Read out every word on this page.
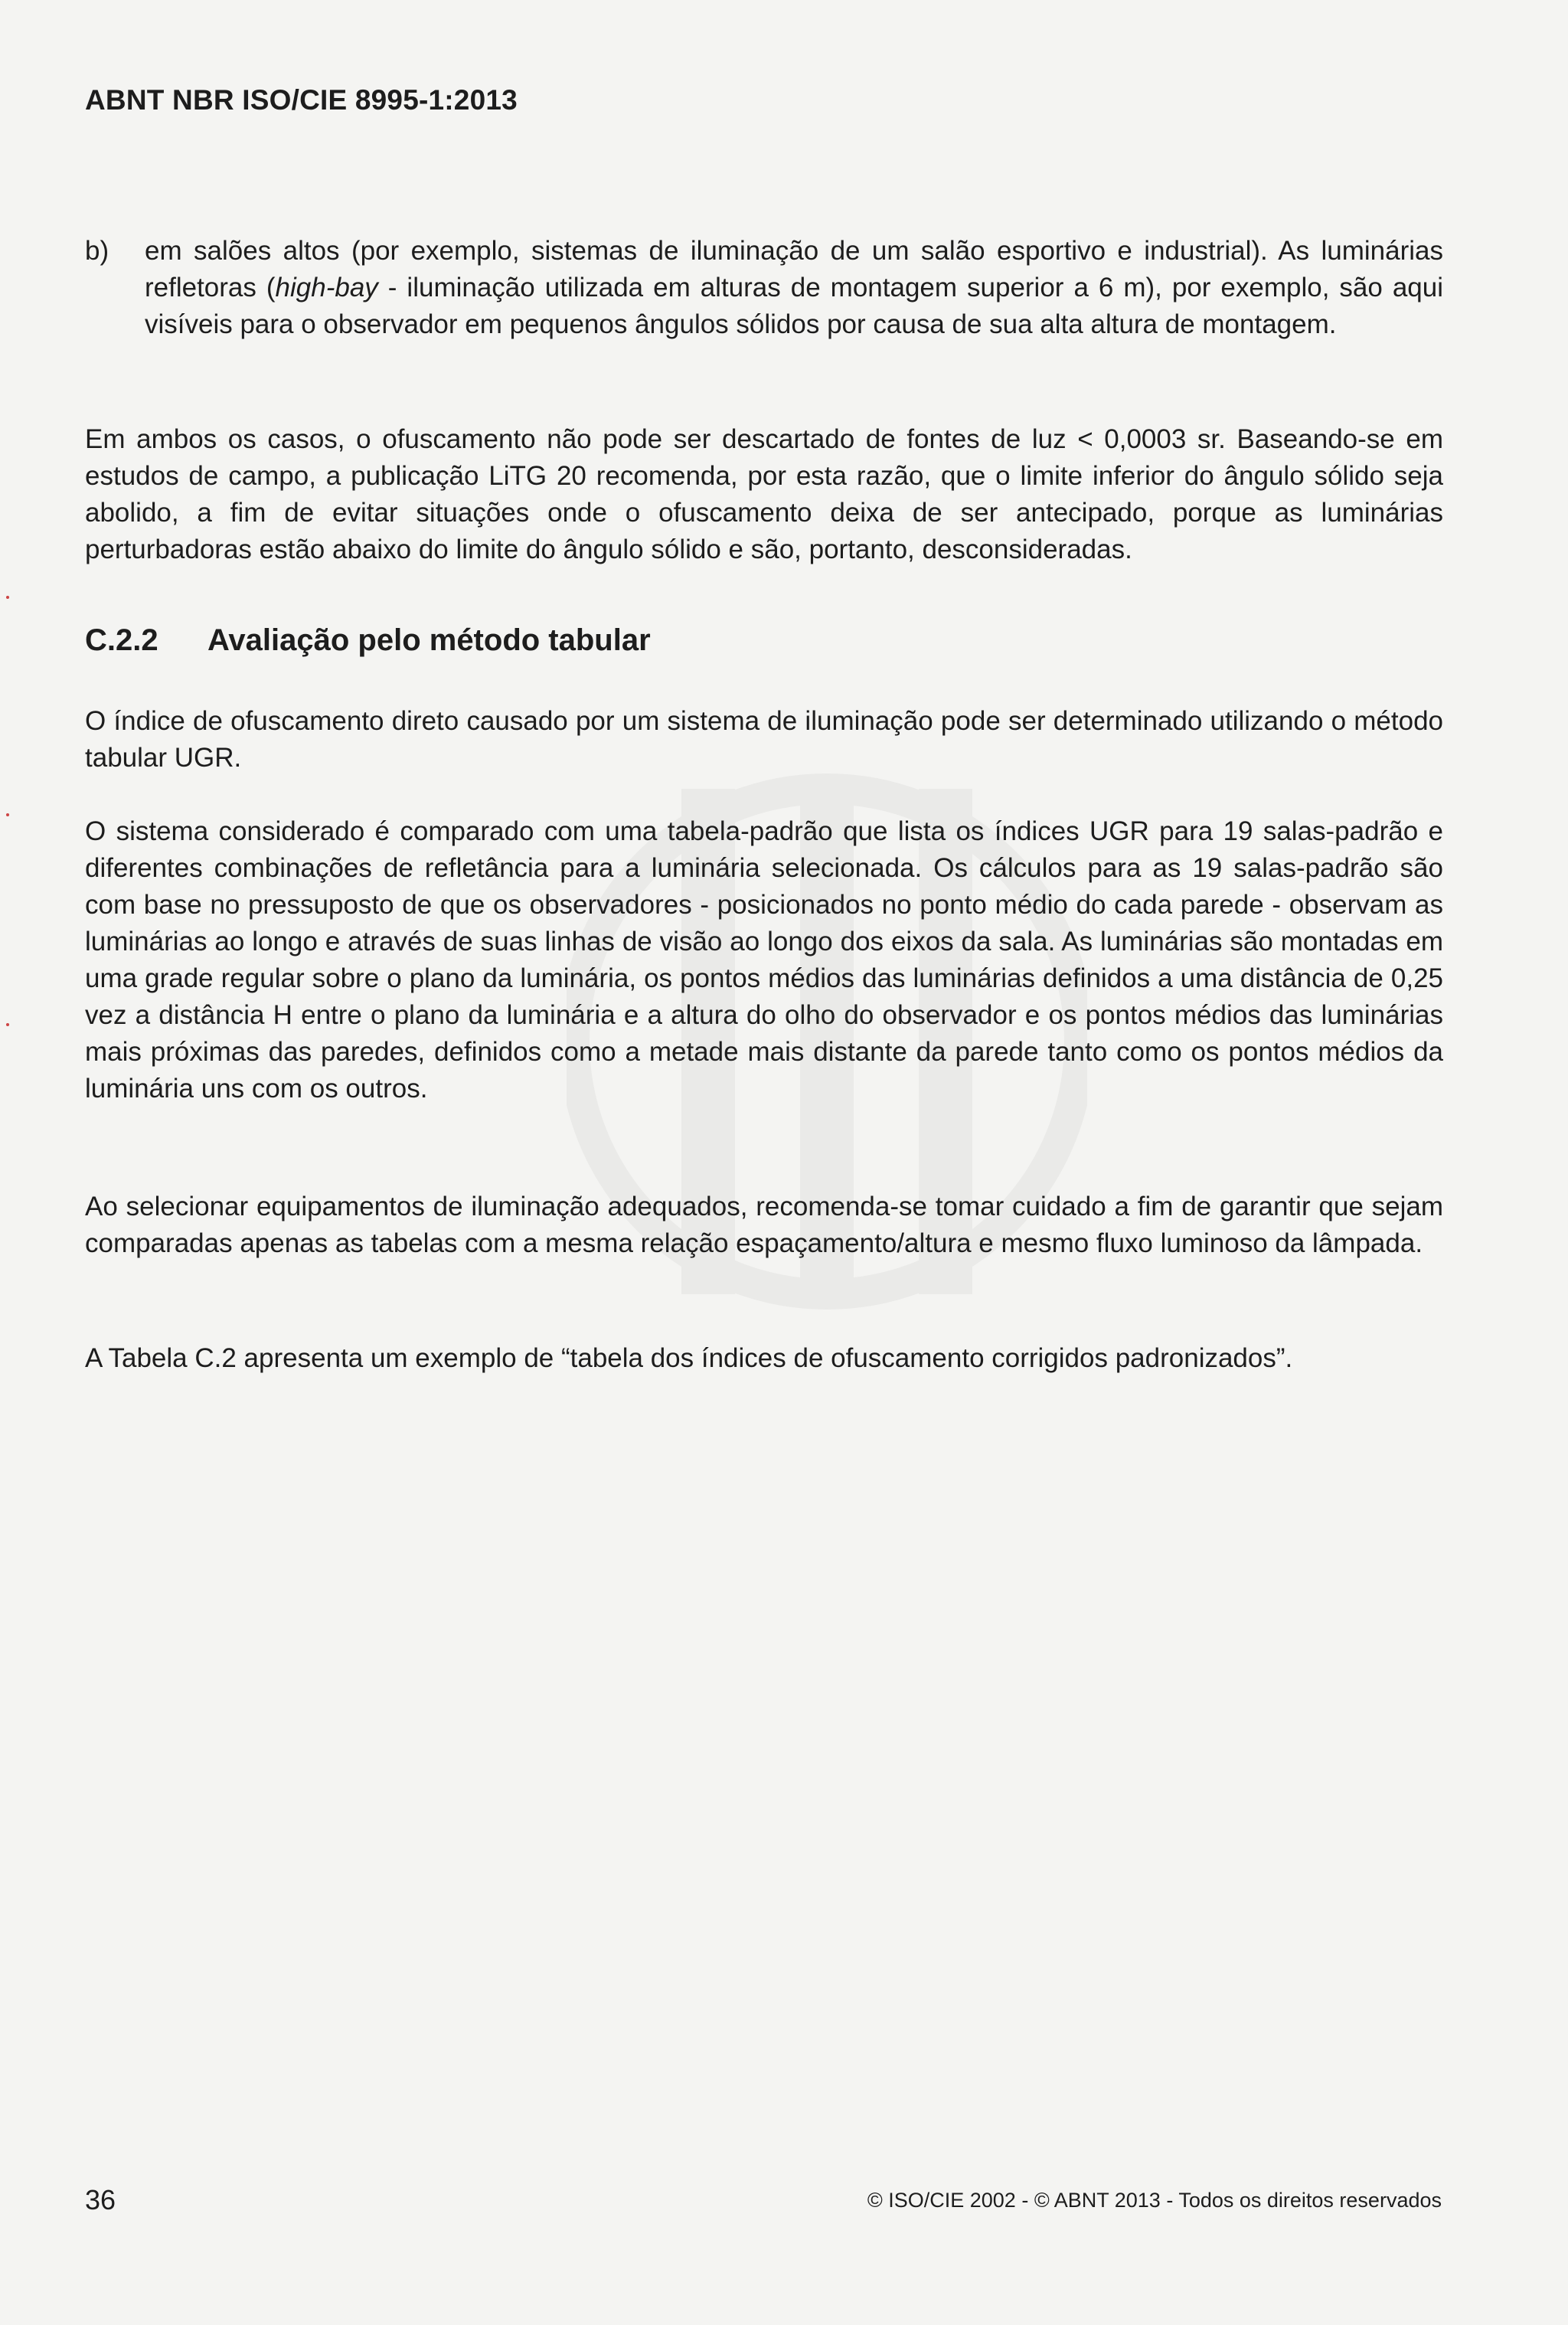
ABNT NBR ISO/CIE 8995-1:2013
b) em salões altos (por exemplo, sistemas de iluminação de um salão esportivo e industrial). As luminárias refletoras (high-bay - iluminação utilizada em alturas de montagem superior a 6 m), por exemplo, são aqui visíveis para o observador em pequenos ângulos sólidos por causa de sua alta altura de montagem.
Em ambos os casos, o ofuscamento não pode ser descartado de fontes de luz < 0,0003 sr. Baseando-se em estudos de campo, a publicação LiTG 20 recomenda, por esta razão, que o limite inferior do ângulo sólido seja abolido, a fim de evitar situações onde o ofuscamento deixa de ser antecipado, porque as luminárias perturbadoras estão abaixo do limite do ângulo sólido e são, portanto, desconsideradas.
C.2.2 Avaliação pelo método tabular
O índice de ofuscamento direto causado por um sistema de iluminação pode ser determinado utilizando o método tabular UGR.
O sistema considerado é comparado com uma tabela-padrão que lista os índices UGR para 19 salas-padrão e diferentes combinações de refletância para a luminária selecionada. Os cálculos para as 19 salas-padrão são com base no pressuposto de que os observadores - posicionados no ponto médio do cada parede - observam as luminárias ao longo e através de suas linhas de visão ao longo dos eixos da sala. As luminárias são montadas em uma grade regular sobre o plano da luminária, os pontos médios das luminárias definidos a uma distância de 0,25 vez a distância H entre o plano da luminária e a altura do olho do observador e os pontos médios das luminárias mais próximas das paredes, definidos como a metade mais distante da parede tanto como os pontos médios da luminária uns com os outros.
Ao selecionar equipamentos de iluminação adequados, recomenda-se tomar cuidado a fim de garantir que sejam comparadas apenas as tabelas com a mesma relação espaçamento/altura e mesmo fluxo luminoso da lâmpada.
A Tabela C.2 apresenta um exemplo de “tabela dos índices de ofuscamento corrigidos padronizados”.
36	© ISO/CIE 2002 - © ABNT 2013 - Todos os direitos reservados
